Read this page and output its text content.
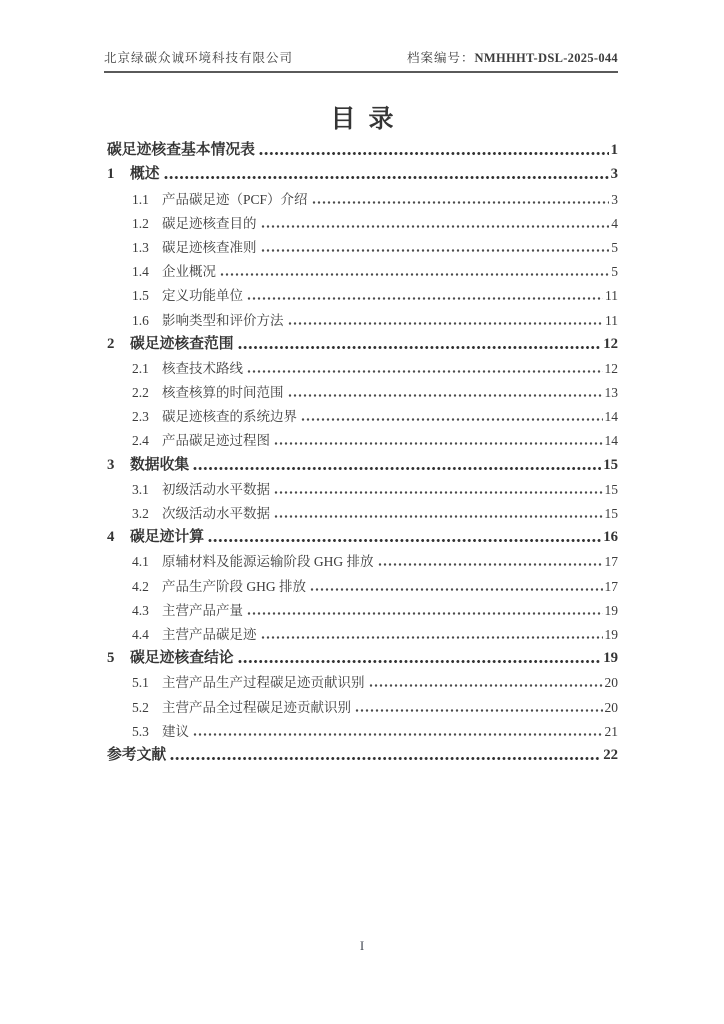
北京绿碳众诚环境科技有限公司	档案编号：NMHHHT-DSL-2025-044
目录
碳足迹核查基本情况表	1
1	概述	3
1.1 产品碳足迹（PCF）介绍	3
1.2 碳足迹核查目的	4
1.3 碳足迹核查准则	5
1.4 企业概况	5
1.5 定义功能单位	11
1.6 影响类型和评价方法	11
2	碳足迹核查范围	12
2.1 核查技术路线	12
2.2 核查核算的时间范围	13
2.3 碳足迹核查的系统边界	14
2.4 产品碳足迹过程图	14
3	数据收集	15
3.1 初级活动水平数据	15
3.2 次级活动水平数据	15
4	碳足迹计算	16
4.1 原辅材料及能源运输阶段 GHG 排放	17
4.2 产品生产阶段 GHG 排放	17
4.3 主营产品产量	19
4.4 主营产品碳足迹	19
5	碳足迹核查结论	19
5.1 主营产品生产过程碳足迹贡献识别	20
5.2 主营产品全过程碳足迹贡献识别	20
5.3 建议	21
参考文献	22
I
